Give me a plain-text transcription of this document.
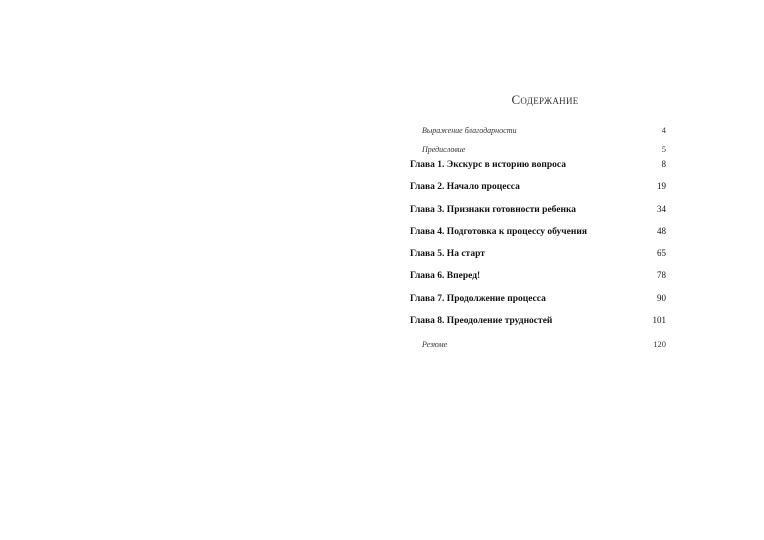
Содержание
Выражение благодарности .....	4
Предисловие .....	5
Глава 1. Экскурс в историю вопроса .....	8
Глава 2. Начало процесса .....	19
Глава 3. Признаки готовности ребенка .....	34
Глава 4. Подготовка к процессу обучения .....	48
Глава 5. На старт .....	65
Глава 6. Вперед! .....	78
Глава 7. Продолжение процесса .....	90
Глава 8. Преодоление трудностей .....	101
Резюме .....	120
